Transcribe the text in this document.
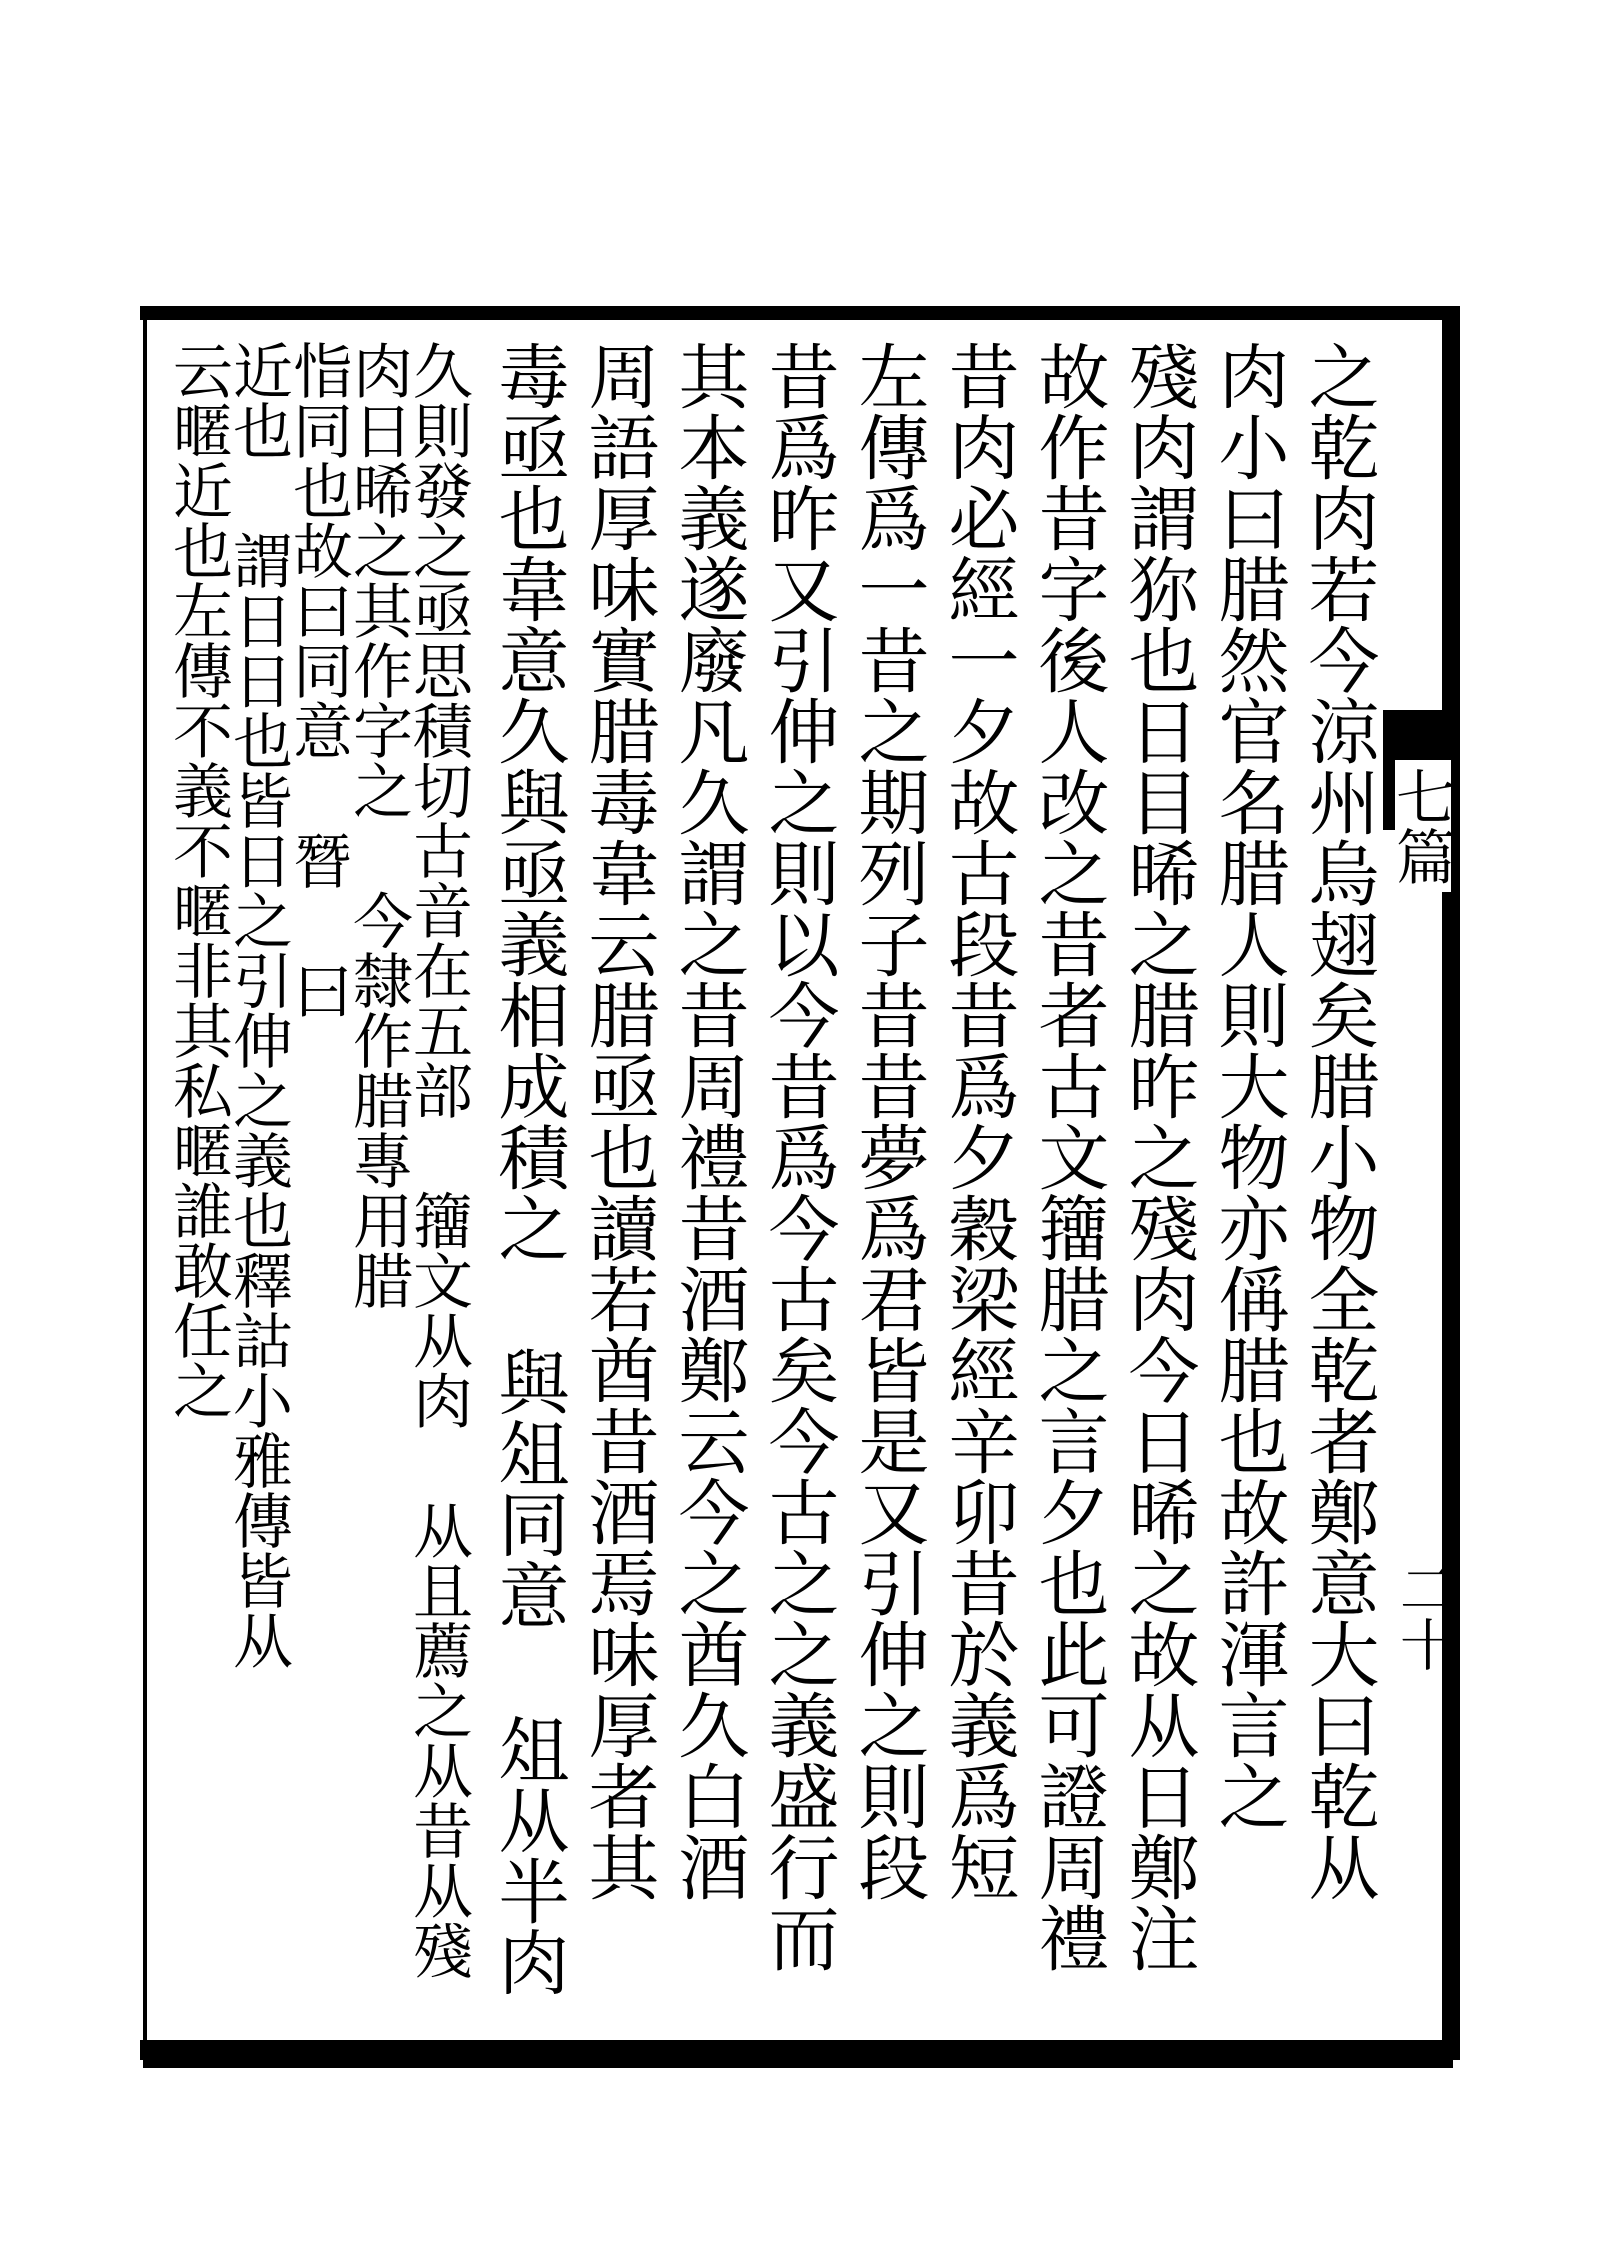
七篇
二十
之乾肉若今涼州烏翅矣腊小物全乾者鄭意大曰乾从
肉小曰腊然官名腊人則大物亦偁腊也故許渾言之
殘肉謂狝也日目晞之腊昨之殘肉今日晞之故从日鄭注
故作昔字後人改之昔者古文籒腊之言夕也此可證周禮
昔肉必經一夕故古段昔爲夕穀梁經辛卯昔於義爲短
左傳爲一昔之期列子昔昔夢爲君皆是又引伸之則段
昔爲昨又引伸之則以今昔爲今古矣今古之之義盛行而
其本義遂廢凡久謂之昔周禮昔酒鄭云今之酋久白酒
周語厚味實腊毒韋云腊亟也讀若酋昔酒焉味厚者其
毒亟也韋意久與亟義相成積之 與俎同意 俎从半肉
久則發之亟思積切古音在五部 籒文从肉 从且薦之从昔从殘
肉日晞之其作字之 今隸作腊專用腊
恉同也故曰同意 朁 曰
近也 謂日日也皆日之引伸之義也釋詁小雅傳皆从
云暱近也左傳不義不暱非其私暱誰敢任之
